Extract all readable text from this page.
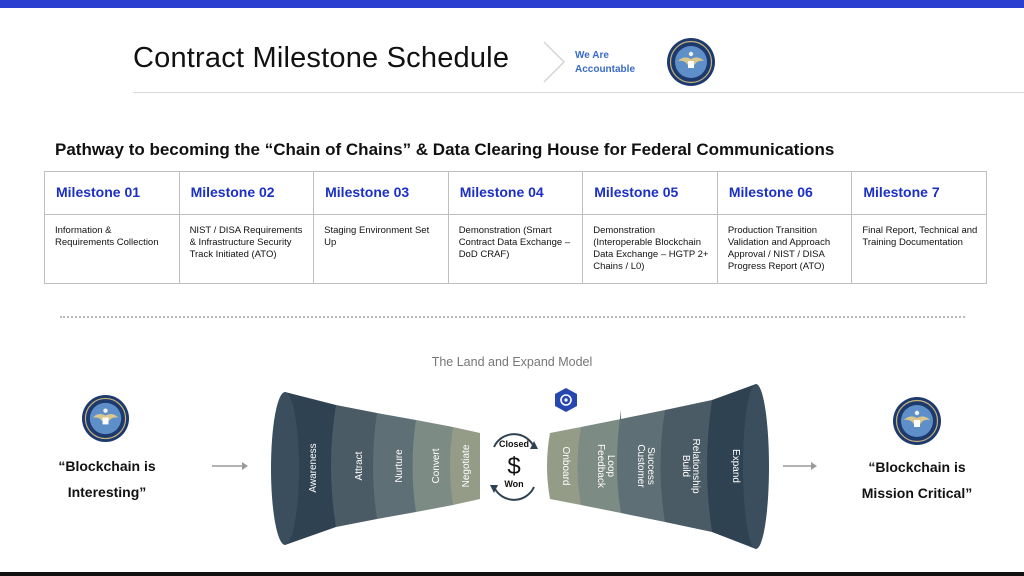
Contract Milestone Schedule	We Are
Accountable
Pathway to becoming the “Chain of Chains” & Data Clearing House for Federal Communications
Milestone 01	Milestone 02	Milestone 03	Milestone 04	Milestone 05	Milestone 06	Milestone 7
Information & Requirements Collection	NIST / DISA Requirements & Infrastructure Security Track Initiated (ATO)	Staging Environment Set Up	Demonstration (Smart Contract Data Exchange – DoD CRAF)	Demonstration (Interoperable Blockchain Data Exchange – HGTP 2+ Chains / L0)	Production Transition Validation and Approach Approval / NIST / DISA Progress Report (ATO)	Final Report, Technical and Training Documentation
The Land and Expand Model
“Blockchain is
Interesting”
“Blockchain is
Mission Critical”
Awareness	Attract	Nurture	Convert Negotiate
Closed
$
Won	Onboard Feedback Loop Customer Success Build Relationship	Expand
